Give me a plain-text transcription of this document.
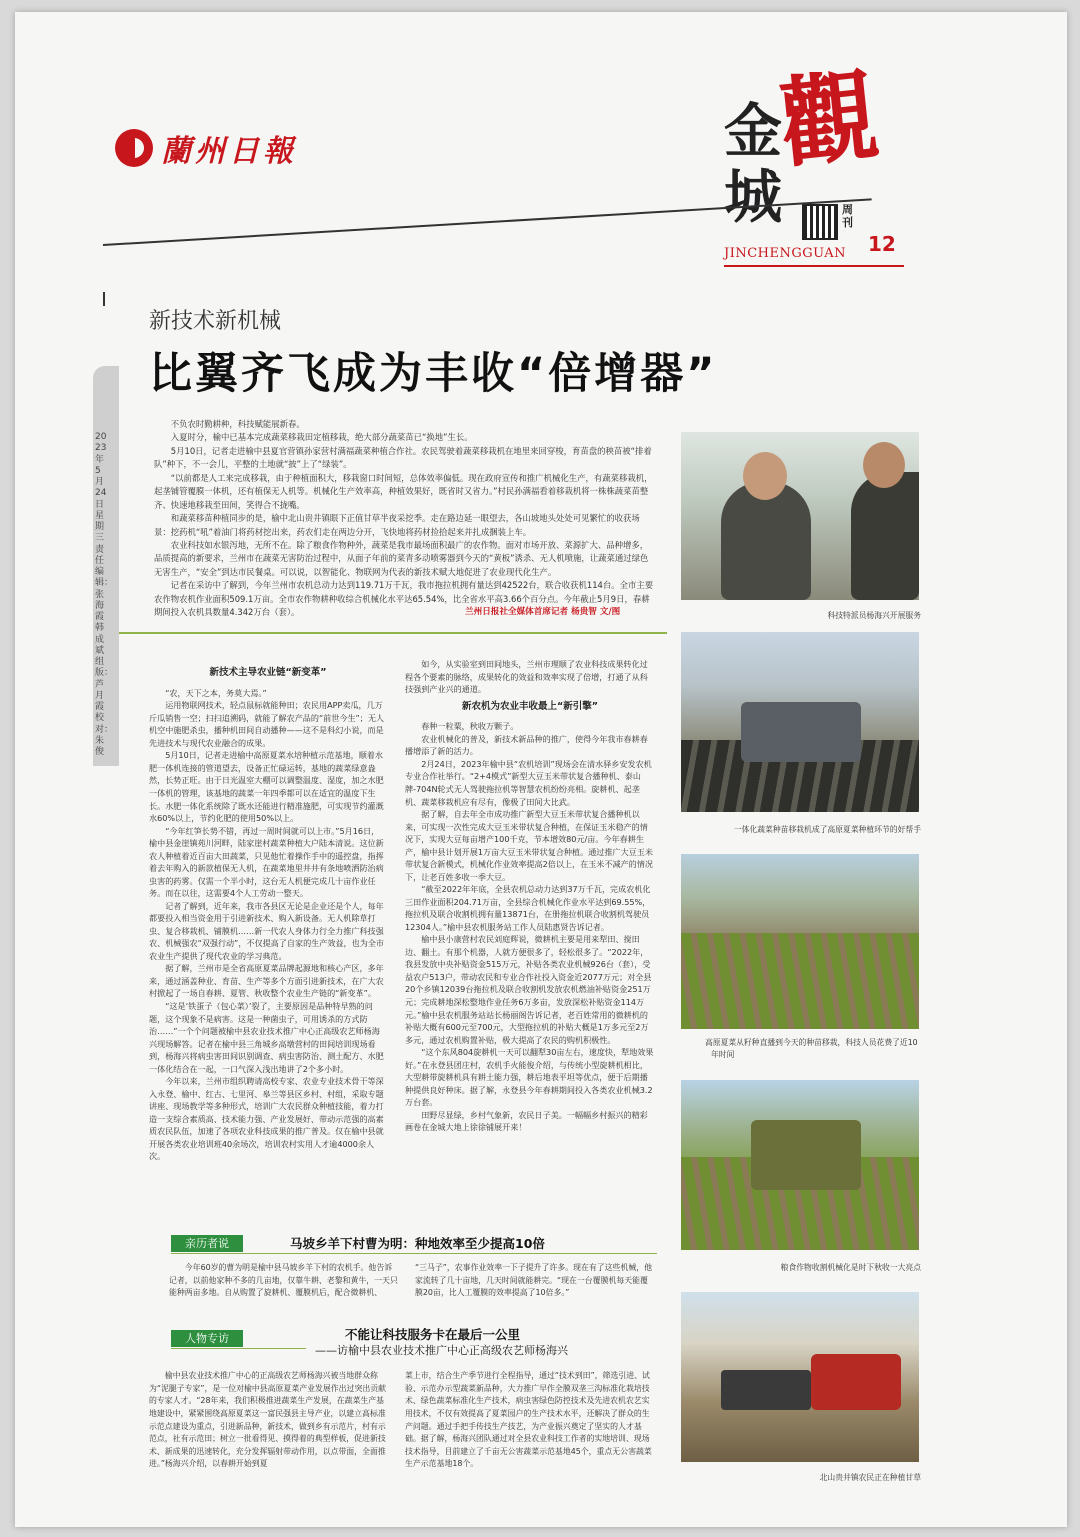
蘭州日報	觀
金
城	周刊
JINCHENGGUAN 12
新技术新机械
比翼齐飞成为丰收“倍增器”
2023年5月24日 星期三 责任编辑：张海霞 韩成斌 组版：芦月霞 校对：朱俊

不负农时勤耕种，科技赋能展新春。

入夏时分，榆中已基本完成蔬菜移栽田定植移栽，绝大部分蔬菜苗已“换地”生长。

5月10日，记者走进榆中县夏官营镇孙家营村满福蔬菜种植合作社。农民驾驶着蔬菜移栽机在地里来回穿梭，育苗盘的秧苗被“排着队”种下，不一会儿，平整的土地就“披”上了“绿装”。

“以前都是人工来完成移栽，由于种植面积大，移栽窗口时间短，总体效率偏低。现在政府宣传和推广机械化生产，有蔬菜移栽机，起垄铺管覆膜一体机，还有植保无人机等。机械化生产效率高，种植效果好，既省时又省力。”村民孙满福看着移栽机将一株株蔬菜苗整齐、快速地移栽至田间，笑得合不拢嘴。

和蔬菜移苗种植同步的是，榆中北山贵井镇眼下正值甘草半夜采挖季。走在路边延一眼望去，各山坡地头处处可见繁忙的收获场景：挖药机“吼”着油门将药材挖出来，药农们走在两边分开，飞快地将药材捡拾起来并扎成捆装上车。

农业科技如水银泻地，无所不在。除了粮食作物种外，蔬菜是我市最场面积最广的农作物。面对市场开放、菜源扩大、品种增多，品质提高的新要求，兰州市在蔬菜无害防治过程中，从面子年前的菜青多动喷雾器到今天的“黄板”诱杀、无人机喷施，让蔬菜通过绿色无害生产，“安全”到达市民餐桌。可以说，以智能化、物联网为代表的新技术赋大地促进了农业现代化生产。

记者在采访中了解到，今年兰州市农机总动力达到119.71万千瓦，我市拖拉机拥有量达到42522台，联合收获机114台。全市主要农作物农机作业面积509.1万亩。全市农作物耕种收综合机械化水平达65.54%，比全省水平高3.66个百分点。今年截止5月9日，春耕期间投入农机具数量4.342万台（套）。	兰州日报社全媒体首席记者 杨贵智 文/图

新技术主导农业链“新变革”

“农，天下之本，务莫大焉。”

运用物联网技术，轻点鼠标就能种田；农民用APP卖瓜，几万斤瓜销售一空；扫扫追溯码，就能了解农产品的“前世今生”；无人机空中施肥杀虫，播种机田间自动播种——这不是科幻小说，而是先进技术与现代农业融合的成果。

5月10日，记者走进榆中高原夏菜水培种植示范基地，顺着水肥一体机连接的管道望去，设备正忙碌运转，基地的蔬菜绿意盎然，长势正旺。由于日光温室大棚可以调整温度、湿度，加之水肥一体机的管理，该基地的蔬菜一年四季都可以在适宜的温度下生长。水肥一体化系统除了既水还能进行精准施肥，可实现节约灌溉水60%以上，节约化肥的使用50%以上。

“今年红笋长势不错，再过一周时间就可以上市。”5月16日，榆中县金崖镇苑川河畔，陆家崖村蔬菜种植大户陆本清说。这位新农人种植着近百亩大田蔬菜，只见他忙着操作手中的遥控盘，指挥着去年购入的新款植保无人机，在蔬菜地里井井有条地喷洒防治病虫害的药雾。仅需一个半小时，这台无人机便完成几十亩作业任务。而在以往，这需要4个人工劳动一整天。

记者了解到，近年来，我市各县区无论是企业还是个人，每年都要投入相当资金用于引进新技术、购入新设备。无人机除草打虫、复合移栽机、铺膜机……新一代农人身体力行全力推广科技强农、机械强农“双强行动”，不仅提高了自家的生产效益，也为全市农业生产提供了现代农业的学习典范。

据了解，兰州市是全省高原夏菜品牌起源地和核心产区，多年来，通过涵盖种业、育苗、生产等多个方面引进新技术，在广大农村掀起了一场自春耕、夏管、秋收整个农业生产链的“新变革”。

“这是‘铁蛋子（包心菜）’裂了，主要原因是品种特早熟的问题，这个现象不是病害。这是一种菌虫子，可用诱杀的方式防治……”一个个问题被榆中县农业技术推广中心正高级农艺师杨海兴现场解答。记者在榆中县三角城乡高墩营村的田间培训现场看到，杨海兴将病虫害田间识别调查、病虫害防治、测土配方、水肥一体化结合在一起，一口气深入浅出地讲了2个多小时。

今年以来，兰州市组织聘请高校专家、农业专业技术骨干等深入永登、榆中、红古、七里河、皋兰等县区乡村、村组，采取专题讲座、现场教学等多种形式，培训广大农民群众种植技能，着力打造一支综合素质高、技术能力强、产业发展好、带动示范强的高素质农民队伍，加速了各项农业科技成果的推广普及。仅在榆中县就开展各类农业培训班40余场次，培训农村实用人才逾4000余人次。

如今，从实验室到田间地头，兰州市理顺了农业科技成果转化过程各个要素的脉络，成果转化的效益和效率实现了倍增，打通了从科技强到产业兴的通道。

新农机为农业丰收最上“新引擎”

春种一粒粟，秋收万颗子。

农业机械化的普及，新技术新品种的推广，使得今年我市春耕春播增添了新的活力。

2月24日，2023年榆中县“农机培训”现场会在清水驿乡安发农机专业合作社举行。“2+4模式”新型大豆玉米带状复合播种机、泰山牌-704N轮式无人驾驶拖拉机等智慧农机纷纷亮相。旋耕机、起垄机、蔬菜移栽机应有尽有，像极了田间大比武。

据了解，自去年全市成功推广新型大豆玉米带状复合播种机以来，可实现一次性完成大豆玉米带状复合种植，在保证玉米稳产的情况下，实现大豆每亩增产100千克，节本增效80元/亩。今年春耕生产，榆中县计划开展1万亩大豆玉米带状复合种植。通过推广大豆玉米带状复合新模式，机械化作业效率提高2倍以上，在玉米不减产的情况下，让老百姓多收一季大豆。

“截至2022年年底，全县农机总动力达到37万千瓦，完成农机化三田作业面积204.71万亩，全县综合机械化作业水平达到69.55%，拖拉机及联合收割机拥有量13871台，在册拖拉机联合收割机驾驶员12304人。”榆中县农机服务站工作人员陆惠贤告诉记者。

榆中县小康营村农民刘庭辉说，微耕机主要是用来犁田、搅田边、翻土。有那个机器，人就方便很多了，轻松很多了。“2022年，我县发放中央补贴资金515万元，补贴各类农业机械926台（套），受益农户513户，带动农民和专业合作社投入资金近2077万元；对全县20个乡镇12039台拖拉机及联合收割机发放农机燃油补贴资金251万元；完成耕地深松整地作业任务6万多亩，发放深松补贴资金114万元。”榆中县农机服务站站长杨丽阁告诉记者，老百姓常用的微耕机的补贴大概有600元至700元，大型拖拉机的补贴大概是1万多元至2万多元，通过农机购置补贴，极大提高了农民的购机积极性。

“这个东风804旋耕机一天可以翻犁30亩左右，速度快，犁地效果好。”在永登县团庄村，农机手火能俊介绍，与传统小型旋耕机相比，大型耕带旋耕机具有耕土能力强，耕后地表平坦等优点，便于后期播种提供良好种床。据了解，永登县今年春耕期间投入各类农业机械3.2万台套。

田野尽显绿，乡村气象新，农民日子美。一幅幅乡村振兴的精彩画卷在金城大地上徐徐铺展开来！

科技特派员杨海兴开展服务
一体化蔬菜种苗移栽机成了高原夏菜种植环节的好帮手
高原夏菜从籽种直播到今天的种苗移栽，科技人员花费了近10年时间
粮食作物收割机械化是时下秋收一大亮点
北山贵井镇农民正在种植甘草
亲历者说	马坡乡羊下村曹为明：种地效率至少提高10倍
今年60岁的曹为明是榆中县马坡乡羊下村的农机手。他告诉记者，以前他家种不多的几亩地，仅靠牛耕、老黎和黄牛，一天只能种两亩多地。自从购置了旋耕机、覆膜机后，配合微耕机、
“三马子”，农事作业效率一下子提升了许多。现在有了这些机械，他家流转了几十亩地，几天时间就能耕完。“现在一台覆膜机每天能覆膜20亩，比人工覆膜的效率提高了10倍多。”
人物专访	不能让科技服务卡在最后一公里
——访榆中县农业技术推广中心正高级农艺师杨海兴
榆中县农业技术推广中心的正高级农艺师杨海兴被当地群众称为“泥腿子专家”，是一位对榆中县高原夏菜产业发展作出过突出贡献的专家人才。“28年来，我们积极推进蔬菜生产发展，在蔬菜生产基地建设中，紧紧围绕高原夏菜这一富民强县主导产业，以建立高标准示范点建设为重点，引进新品种，新技术，做到乡有示范片，村有示范点，社有示范田；树立一批看得见、摸得着的典型样板，促进新技术、新成果的迅速转化，充分发挥辐射带动作用，以点带面，全面推进。”杨海兴介绍，以春耕开始到夏
菜上市，结合生产季节进行全程指导，通过“技术到田”，筛选引进、试验、示范办示型蔬菜新品种，大力推广早作全膜双垄三沟标准化栽培技术、绿色蔬菜标准化生产技术，病虫害绿色防控技术及先进农机农艺实用技术，不仅有效提高了夏菜园户的生产技术水平，还解决了群众的生产问题。通过手把手传技生产技艺，为产业振兴奠定了坚实的人才基础。据了解，杨海兴团队通过对全县农业科技工作者的实地培训、现场技术指导，目前建立了千亩无公害蔬菜示范基地45个，重点无公害蔬菜生产示范基地18个。
